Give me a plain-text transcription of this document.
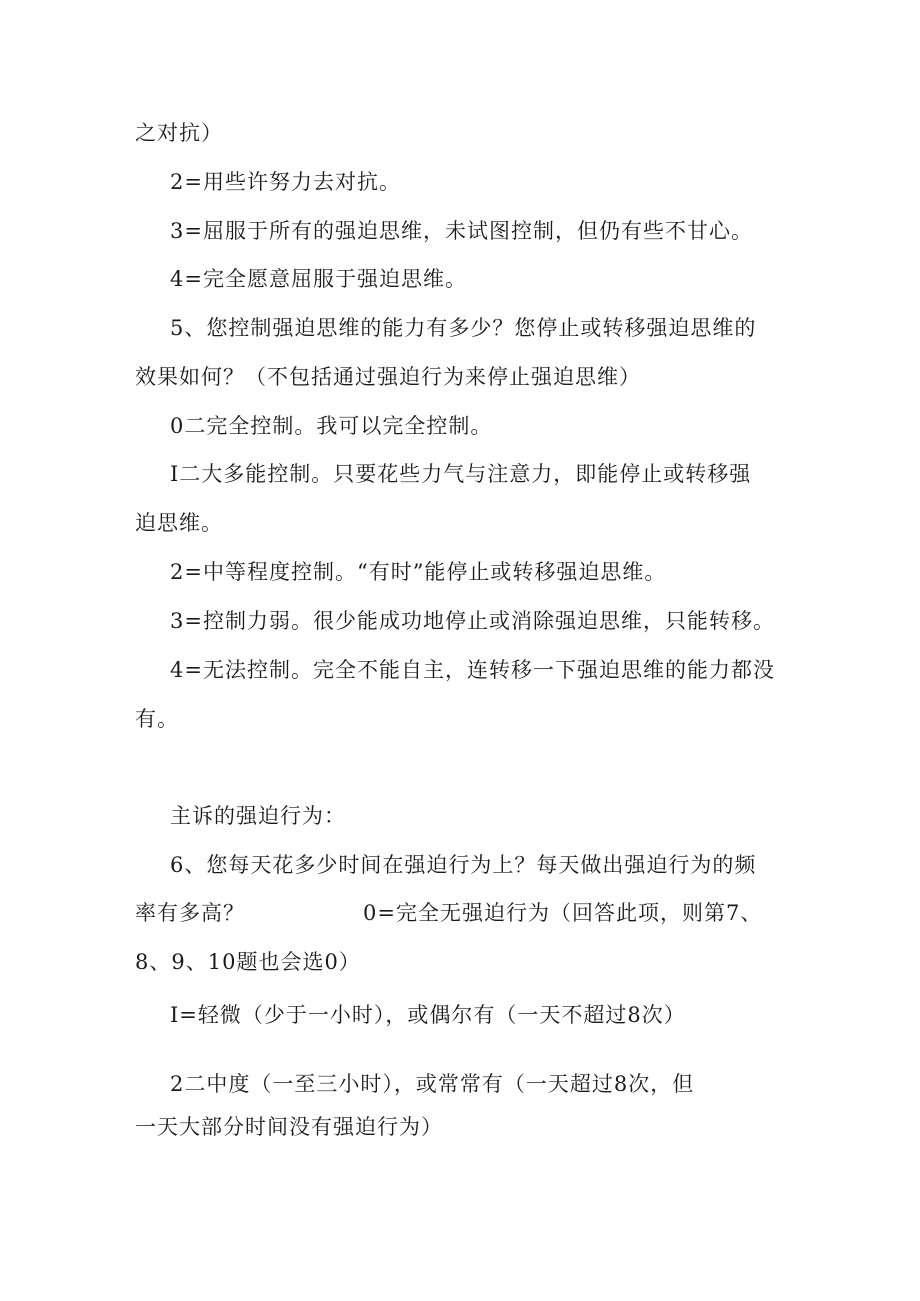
之对抗）
2=用些许努力去对抗。
3=屈服于所有的强迫思维，未试图控制，但仍有些不甘心。
4=完全愿意屈服于强迫思维。
5、您控制强迫思维的能力有多少？您停止或转移强迫思维的
效果如何？（不包括通过强迫行为来停止强迫思维）
0二完全控制。我可以完全控制。
I二大多能控制。只要花些力气与注意力，即能停止或转移强
迫思维。
2=中等程度控制。“有时”能停止或转移强迫思维。
3=控制力弱。很少能成功地停止或消除强迫思维，只能转移。
4=无法控制。完全不能自主，连转移一下强迫思维的能力都没
有。
主诉的强迫行为：
6、您每天花多少时间在强迫行为上？每天做出强迫行为的频
率有多高？	0=完全无强迫行为（回答此项，则第7、
8、9、10题也会选0）
I=轻微（少于一小时），或偶尔有（一天不超过8次）
2二中度（一至三小时），或常常有（一天超过8次，但
一天大部分时间没有强迫行为）
